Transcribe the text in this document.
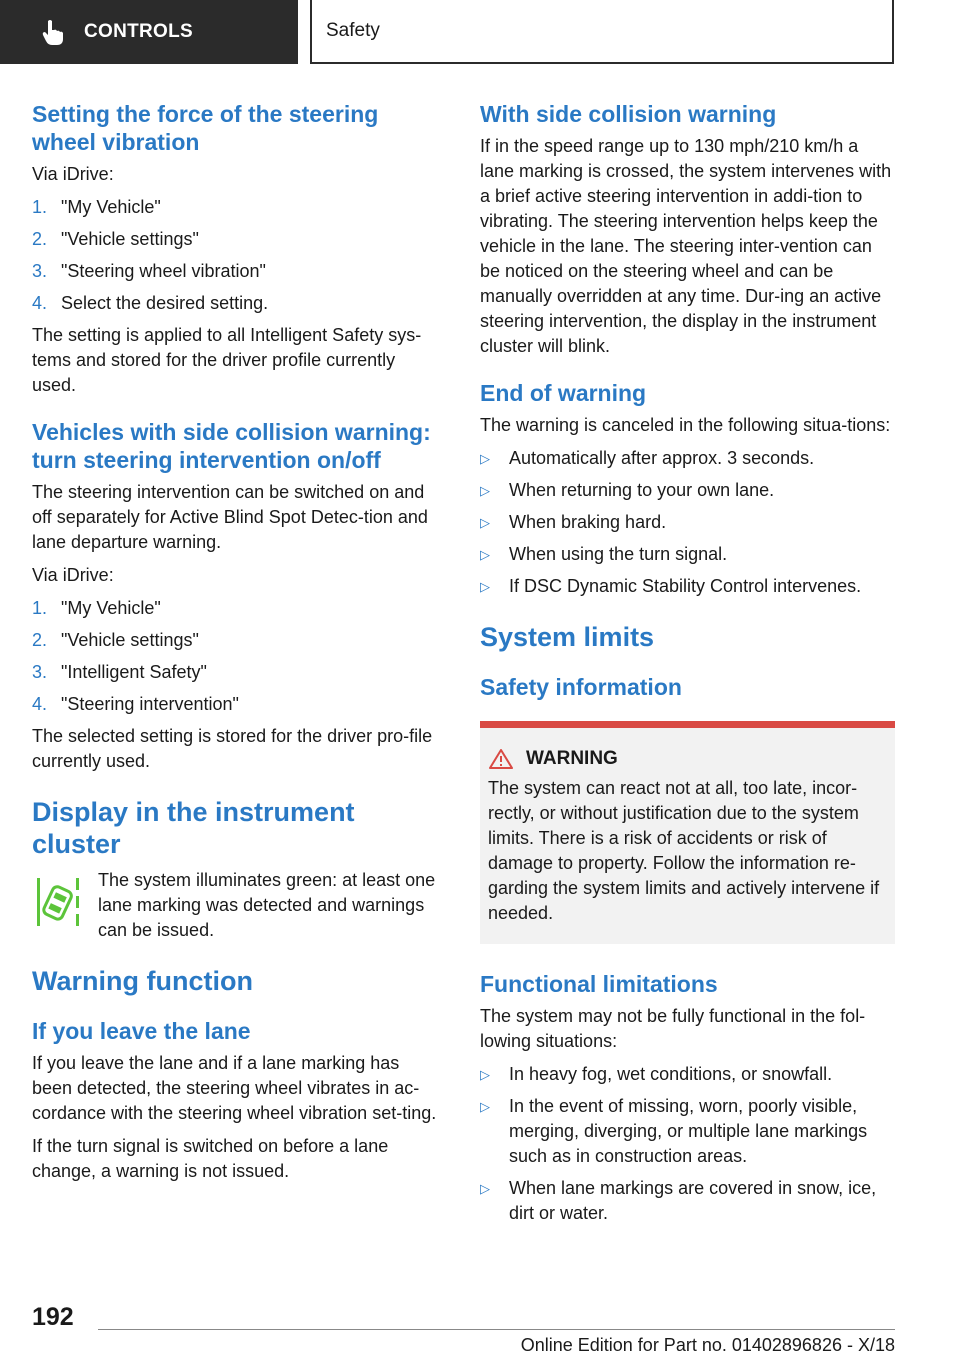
CONTROLS	Safety
Setting the force of the steering wheel vibration

Via iDrive:

1. "My Vehicle"
2. "Vehicle settings"
3. "Steering wheel vibration"
4. Select the desired setting.

The setting is applied to all Intelligent Safety sys-tems and stored for the driver profile currently used.

Vehicles with side collision warning: turn steering intervention on/off

The steering intervention can be switched on and off separately for Active Blind Spot Detec-tion and lane departure warning.

Via iDrive:

1. "My Vehicle"
2. "Vehicle settings"
3. "Intelligent Safety"
4. "Steering intervention"

The selected setting is stored for the driver pro-file currently used.

Display in the instrument cluster

The system illuminates green: at least one lane marking was detected and warnings can be issued.

Warning function
If you leave the lane

If you leave the lane and if a lane marking has been detected, the steering wheel vibrates in ac-cordance with the steering wheel vibration set-ting.

If the turn signal is switched on before a lane change, a warning is not issued.

With side collision warning

If in the speed range up to 130 mph/210 km/h a lane marking is crossed, the system intervenes with a brief active steering intervention in addi-tion to vibrating. The steering intervention helps keep the vehicle in the lane. The steering inter-vention can be noticed on the steering wheel and can be manually overridden at any time. Dur-ing an active steering intervention, the display in the instrument cluster will blink.

End of warning

The warning is canceled in the following situa-tions:

▷	Automatically after approx. 3 seconds.
▷	When returning to your own lane.
▷	When braking hard.
▷	When using the turn signal.
▷	If DSC Dynamic Stability Control intervenes.
System limits
Safety information
WARNING

The system can react not at all, too late, incor-rectly, or without justification due to the system limits. There is a risk of accidents or risk of damage to property. Follow the information re-garding the system limits and actively intervene if needed.

Functional limitations

The system may not be fully functional in the fol-lowing situations:

▷	In heavy fog, wet conditions, or snowfall.
▷	In the event of missing, worn, poorly visible, merging, diverging, or multiple lane markings such as in construction areas.
▷	When lane markings are covered in snow, ice, dirt or water.
192
Online Edition for Part no. 01402896826 - X/18
